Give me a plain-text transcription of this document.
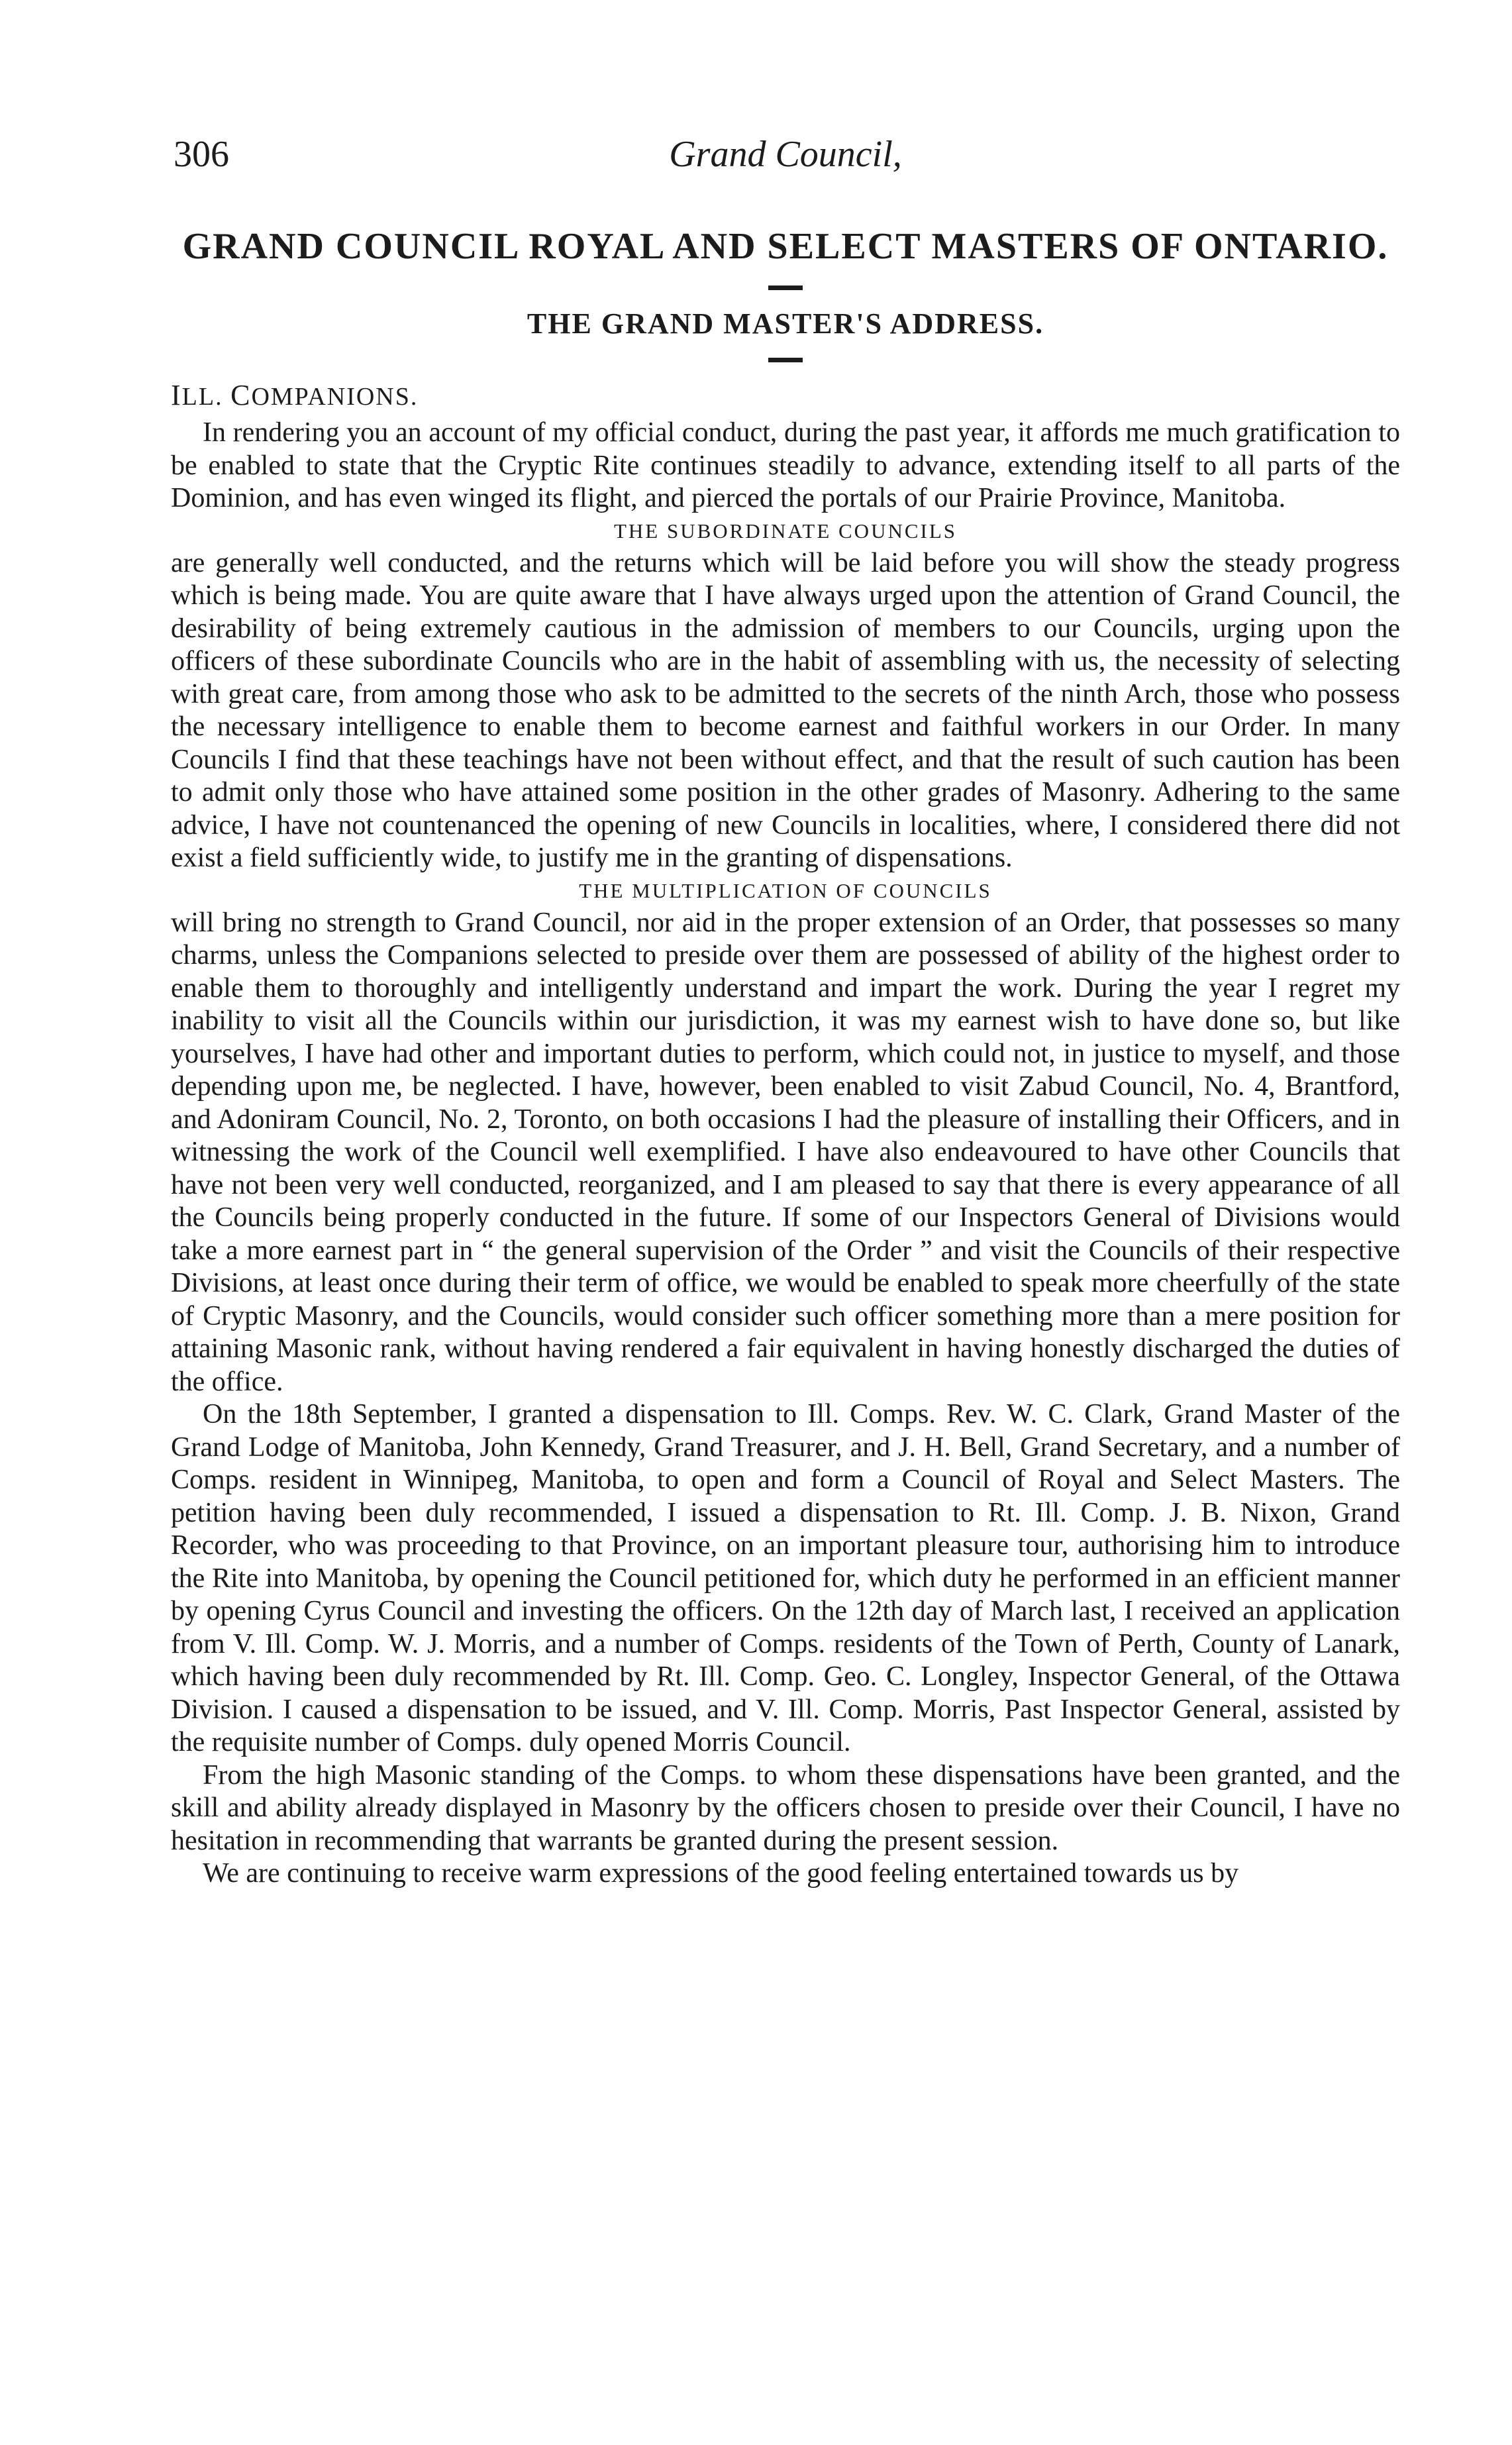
306	Grand Council,
GRAND COUNCIL ROYAL AND SELECT MASTERS OF ONTARIO.
THE GRAND MASTER'S ADDRESS.
ILL. COMPANIONS.

In rendering you an account of my official conduct, during the past year, it affords me much gratification to be enabled to state that the Cryptic Rite continues steadily to advance, extending itself to all parts of the Dominion, and has even winged its flight, and pierced the portals of our Prairie Province, Manitoba.

THE SUBORDINATE COUNCILS

are generally well conducted, and the returns which will be laid before you will show the steady progress which is being made. You are quite aware that I have always urged upon the attention of Grand Council, the desirability of being extremely cautious in the admission of members to our Councils, urging upon the officers of these subordinate Councils who are in the habit of assembling with us, the necessity of selecting with great care, from among those who ask to be admitted to the secrets of the ninth Arch, those who possess the necessary intelligence to enable them to become earnest and faithful workers in our Order. In many Councils I find that these teachings have not been without effect, and that the result of such caution has been to admit only those who have attained some position in the other grades of Masonry. Adhering to the same advice, I have not countenanced the opening of new Councils in localities, where, I considered there did not exist a field sufficiently wide, to justify me in the granting of dispensations.

THE MULTIPLICATION OF COUNCILS

will bring no strength to Grand Council, nor aid in the proper extension of an Order, that possesses so many charms, unless the Companions selected to preside over them are possessed of ability of the highest order to enable them to thoroughly and intelligently understand and impart the work. During the year I regret my inability to visit all the Councils within our jurisdiction, it was my earnest wish to have done so, but like yourselves, I have had other and important duties to perform, which could not, in justice to myself, and those depending upon me, be neglected. I have, however, been enabled to visit Zabud Council, No. 4, Brantford, and Adoniram Council, No. 2, Toronto, on both occasions I had the pleasure of installing their Officers, and in witnessing the work of the Council well exemplified. I have also endeavoured to have other Councils that have not been very well conducted, reorganized, and I am pleased to say that there is every appearance of all the Councils being properly conducted in the future. If some of our Inspectors General of Divisions would take a more earnest part in “ the general supervision of the Order ” and visit the Councils of their respective Divisions, at least once during their term of office, we would be enabled to speak more cheerfully of the state of Cryptic Masonry, and the Councils, would consider such officer something more than a mere position for attaining Masonic rank, without having rendered a fair equivalent in having honestly discharged the duties of the office.

On the 18th September, I granted a dispensation to Ill. Comps. Rev. W. C. Clark, Grand Master of the Grand Lodge of Manitoba, John Kennedy, Grand Treasurer, and J. H. Bell, Grand Secretary, and a number of Comps. resident in Winnipeg, Manitoba, to open and form a Council of Royal and Select Masters. The petition having been duly recommended, I issued a dispensation to Rt. Ill. Comp. J. B. Nixon, Grand Recorder, who was proceeding to that Province, on an important pleasure tour, authorising him to introduce the Rite into Manitoba, by opening the Council petitioned for, which duty he performed in an efficient manner by opening Cyrus Council and investing the officers. On the 12th day of March last, I received an application from V. Ill. Comp. W. J. Morris, and a number of Comps. residents of the Town of Perth, County of Lanark, which having been duly recommended by Rt. Ill. Comp. Geo. C. Longley, Inspector General, of the Ottawa Division. I caused a dispensation to be issued, and V. Ill. Comp. Morris, Past Inspector General, assisted by the requisite number of Comps. duly opened Morris Council.

From the high Masonic standing of the Comps. to whom these dispensations have been granted, and the skill and ability already displayed in Masonry by the officers chosen to preside over their Council, I have no hesitation in recommending that warrants be granted during the present session.

We are continuing to receive warm expressions of the good feeling entertained towards us by
